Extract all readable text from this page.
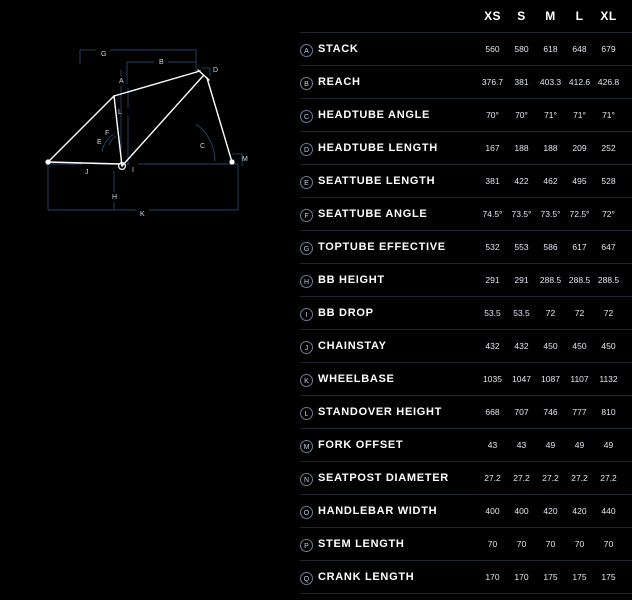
G
B
D
A
E
F
L
C
M
I
J
H
K
		XS	S	M	L	XL	
A	STACK	560	580	618	648	679	
B	REACH	376.7	381	403.3	412.6	426.8	
C	HEADTUBE ANGLE	70°	70°	71°	71°	71°	
D	HEADTUBE LENGTH	167	188	188	209	252	
E	SEATTUBE LENGTH	381	422	462	495	528	
F	SEATTUBE ANGLE	74.5°	73.5°	73.5°	72.5°	72°	
G	TOPTUBE EFFECTIVE	532	553	586	617	647	
H	BB HEIGHT	291	291	288.5	288.5	288.5	
I	BB DROP	53.5	53.5	72	72	72	
J	CHAINSTAY	432	432	450	450	450	
K	WHEELBASE	1035	1047	1087	1107	1132	
L	STANDOVER HEIGHT	668	707	746	777	810	
M	FORK OFFSET	43	43	49	49	49	
N	SEATPOST DIAMETER	27.2	27.2	27.2	27.2	27.2	
O	HANDLEBAR WIDTH	400	400	420	420	440	
P	STEM LENGTH	70	70	70	70	70	
Q	CRANK LENGTH	170	170	175	175	175	
